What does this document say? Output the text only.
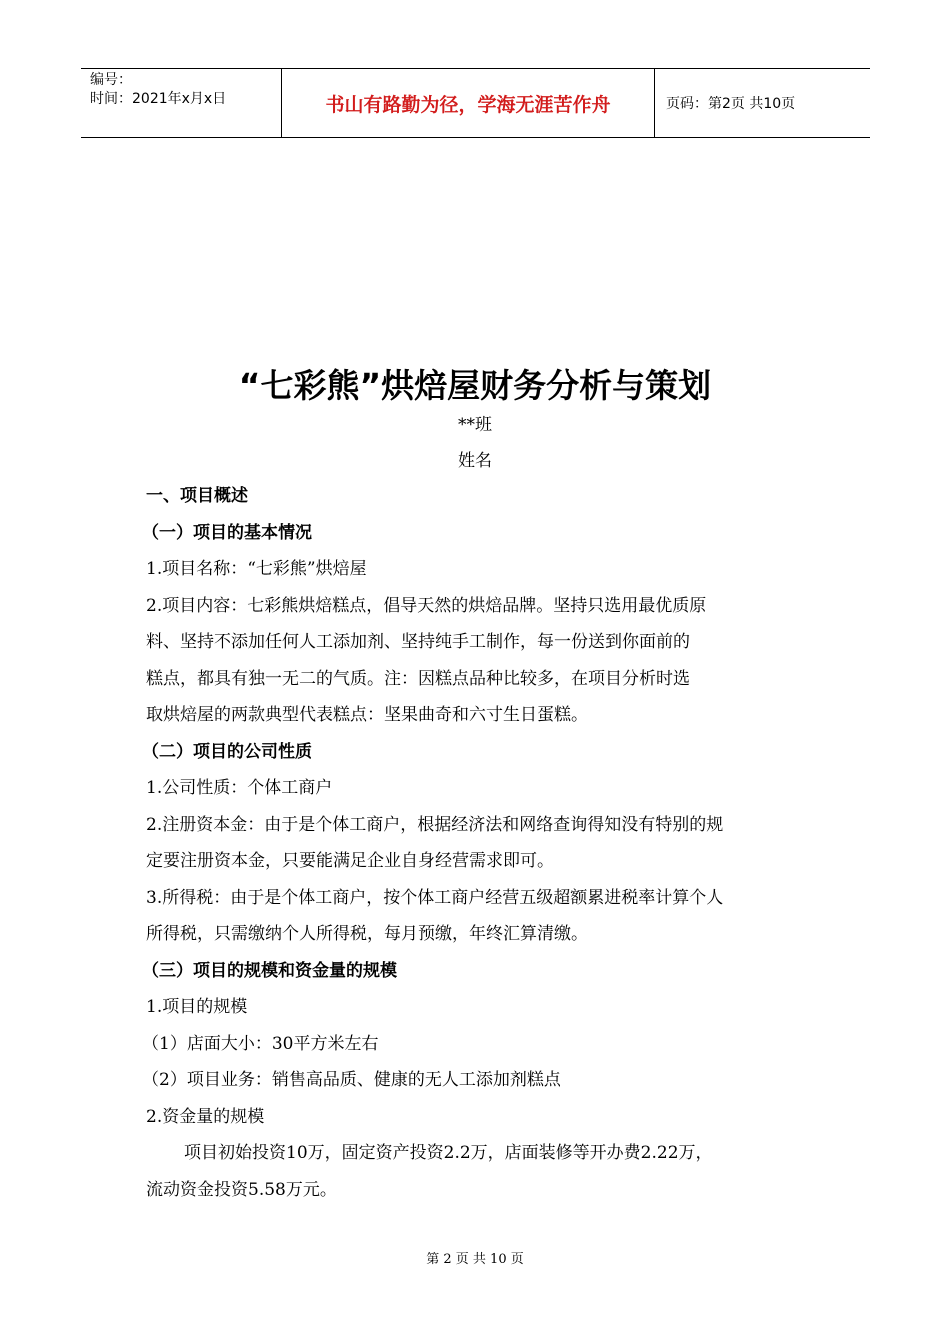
编号：
时间：2021年x月x日	书山有路勤为径，学海无涯苦作舟	页码：第2页 共10页
“七彩熊”烘焙屋财务分析与策划
**班
姓名
一、项目概述
（一）项目的基本情况
1.项目名称：“七彩熊”烘焙屋
2.项目内容：七彩熊烘焙糕点，倡导天然的烘焙品牌。坚持只选用最优质原
料、坚持不添加任何人工添加剂、坚持纯手工制作，每一份送到你面前的
糕点，都具有独一无二的气质。注：因糕点品种比较多，在项目分析时选
取烘焙屋的两款典型代表糕点：坚果曲奇和六寸生日蛋糕。
（二）项目的公司性质
1.公司性质：个体工商户
2.注册资本金：由于是个体工商户，根据经济法和网络查询得知没有特别的规
定要注册资本金，只要能满足企业自身经营需求即可。
3.所得税：由于是个体工商户，按个体工商户经营五级超额累进税率计算个人
所得税，只需缴纳个人所得税，每月预缴，年终汇算清缴。
（三）项目的规模和资金量的规模
1.项目的规模
（1）店面大小：30平方米左右
（2）项目业务：销售高品质、健康的无人工添加剂糕点
2.资金量的规模
项目初始投资10万，固定资产投资2.2万，店面装修等开办费2.22万，
流动资金投资5.58万元。
第 2 页 共 10 页
